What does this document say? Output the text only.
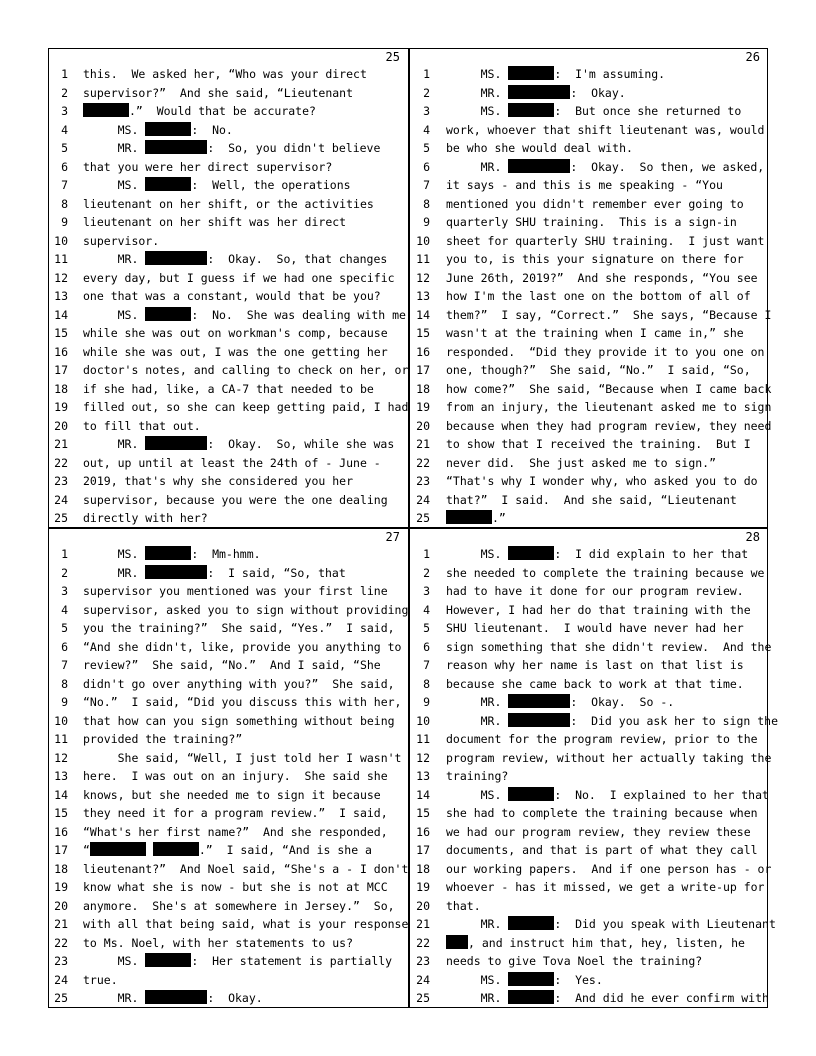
25
1 this.  We asked her, “Who was your direct
2 supervisor?”  And she said, “Lieutenant
3	.”  Would that be accurate?
4 MS.	:  No.
5 MR.	:  So, you didn't believe
6 that you were her direct supervisor?
7 MS.	:  Well, the operations
8 lieutenant on her shift, or the activities
9 lieutenant on her shift was her direct
10 supervisor.
11 MR.	:  Okay.  So, that changes
12 every day, but I guess if we had one specific
13 one that was a constant, would that be you?
14 MS.	:  No.  She was dealing with me
15 while she was out on workman's comp, because
16 while she was out, I was the one getting her
17 doctor's notes, and calling to check on her, or
18 if she had, like, a CA-7 that needed to be
19 filled out, so she can keep getting paid, I had
20 to fill that out.
21 MR.	:  Okay.  So, while she was
22 out, up until at least the 24th of - June -
23 2019, that's why she considered you her
24 supervisor, because you were the one dealing
25 directly with her?
26
1 MS.	:  I'm assuming.
2 MR.	:  Okay.
3 MS.	:  But once she returned to
4 work, whoever that shift lieutenant was, would
5 be who she would deal with.
6 MR.	:  Okay.  So then, we asked,
7 it says - and this is me speaking - “You
8 mentioned you didn't remember ever going to
9 quarterly SHU training.  This is a sign-in
10 sheet for quarterly SHU training.  I just want
11 you to, is this your signature on there for
12 June 26th, 2019?”  And she responds, “You see
13 how I'm the last one on the bottom of all of
14 them?”  I say, “Correct.”  She says, “Because I
15 wasn't at the training when I came in,” she
16 responded.  “Did they provide it to you one on
17 one, though?”  She said, “No.”  I said, “So,
18 how come?”  She said, “Because when I came back
19 from an injury, the lieutenant asked me to sign
20 because when they had program review, they need
21 to show that I received the training.  But I
22 never did.  She just asked me to sign.”
23 “That's why I wonder why, who asked you to do
24 that?”  I said.  And she said, “Lieutenant
25	.”
27
1 MS.	:  Mm-hmm.
2 MR.	:  I said, “So, that
3 supervisor you mentioned was your first line
4 supervisor, asked you to sign without providing
5 you the training?”  She said, “Yes.”  I said,
6 “And she didn't, like, provide you anything to
7 review?”  She said, “No.”  And I said, “She
8 didn't go over anything with you?”  She said,
9 “No.”  I said, “Did you discuss this with her,
10 that how can you sign something without being
11 provided the training?”
12 She said, “Well, I just told her I wasn't
13 here.  I was out on an injury.  She said she
14 knows, but she needed me to sign it because
15 they need it for a program review.”  I said,
16 “What's her first name?”  And she responded,
17 “	.”  I said, “And is she a
18 lieutenant?”  And Noel said, “She's a - I don't
19 know what she is now - but she is not at MCC
20 anymore.  She's at somewhere in Jersey.”  So,
21 with all that being said, what is your response
22 to Ms. Noel, with her statements to us?
23 MS.	:  Her statement is partially
24 true.
25 MR.	:  Okay.
28
1 MS.	:  I did explain to her that
2 she needed to complete the training because we
3 had to have it done for our program review.
4 However, I had her do that training with the
5 SHU lieutenant.  I would have never had her
6 sign something that she didn't review.  And the
7 reason why her name is last on that list is
8 because she came back to work at that time.
9 MR.	:  Okay.  So -.
10 MR.	:  Did you ask her to sign the
11 document for the program review, prior to the
12 program review, without her actually taking the
13 training?
14 MS.	:  No.  I explained to her that
15 she had to complete the training because when
16 we had our program review, they review these
17 documents, and that is part of what they call
18 our working papers.  And if one person has - or
19 whoever - has it missed, we get a write-up for
20 that.
21 MR.	:  Did you speak with Lieutenant
22	, and instruct him that, hey, listen, he
23 needs to give Tova Noel the training?
24 MS.	:  Yes.
25 MR.	:  And did he ever confirm with
